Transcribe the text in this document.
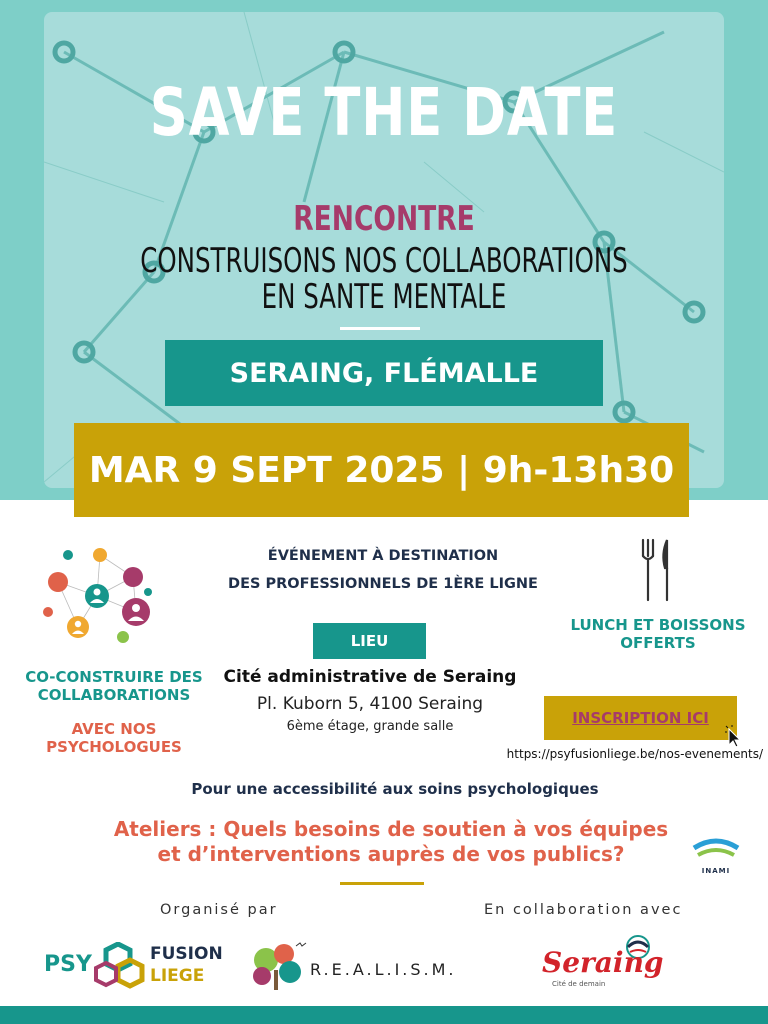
SAVE THE DATE
RENCONTRE
CONSTRUISONS NOS COLLABORATIONS
EN SANTE MENTALE
SERAING, FLÉMALLE
MAR 9 SEPT 2025 | 9h-13h30
CO-CONSTRUIRE DES
COLLABORATIONS
AVEC NOS
PSYCHOLOGUES
ÉVÉNEMENT À DESTINATION
DES PROFESSIONNELS DE 1ÈRE LIGNE
LIEU
Cité administrative de Seraing
Pl. Kuborn 5, 4100 Seraing
6ème étage, grande salle
LUNCH ET BOISSONS
OFFERTS
INSCRIPTION ICI
https://psyfusionliege.be/nos-evenements/
Pour une accessibilité aux soins psychologiques
Ateliers : Quels besoins de soutien à vos équipes
et d’interventions auprès de vos publics?
INAMI
Organisé par	En collaboration avec
PSY	FUSION
LIEGE	R.E.A.L.I.S.M.	Seraing
Cité de demain
